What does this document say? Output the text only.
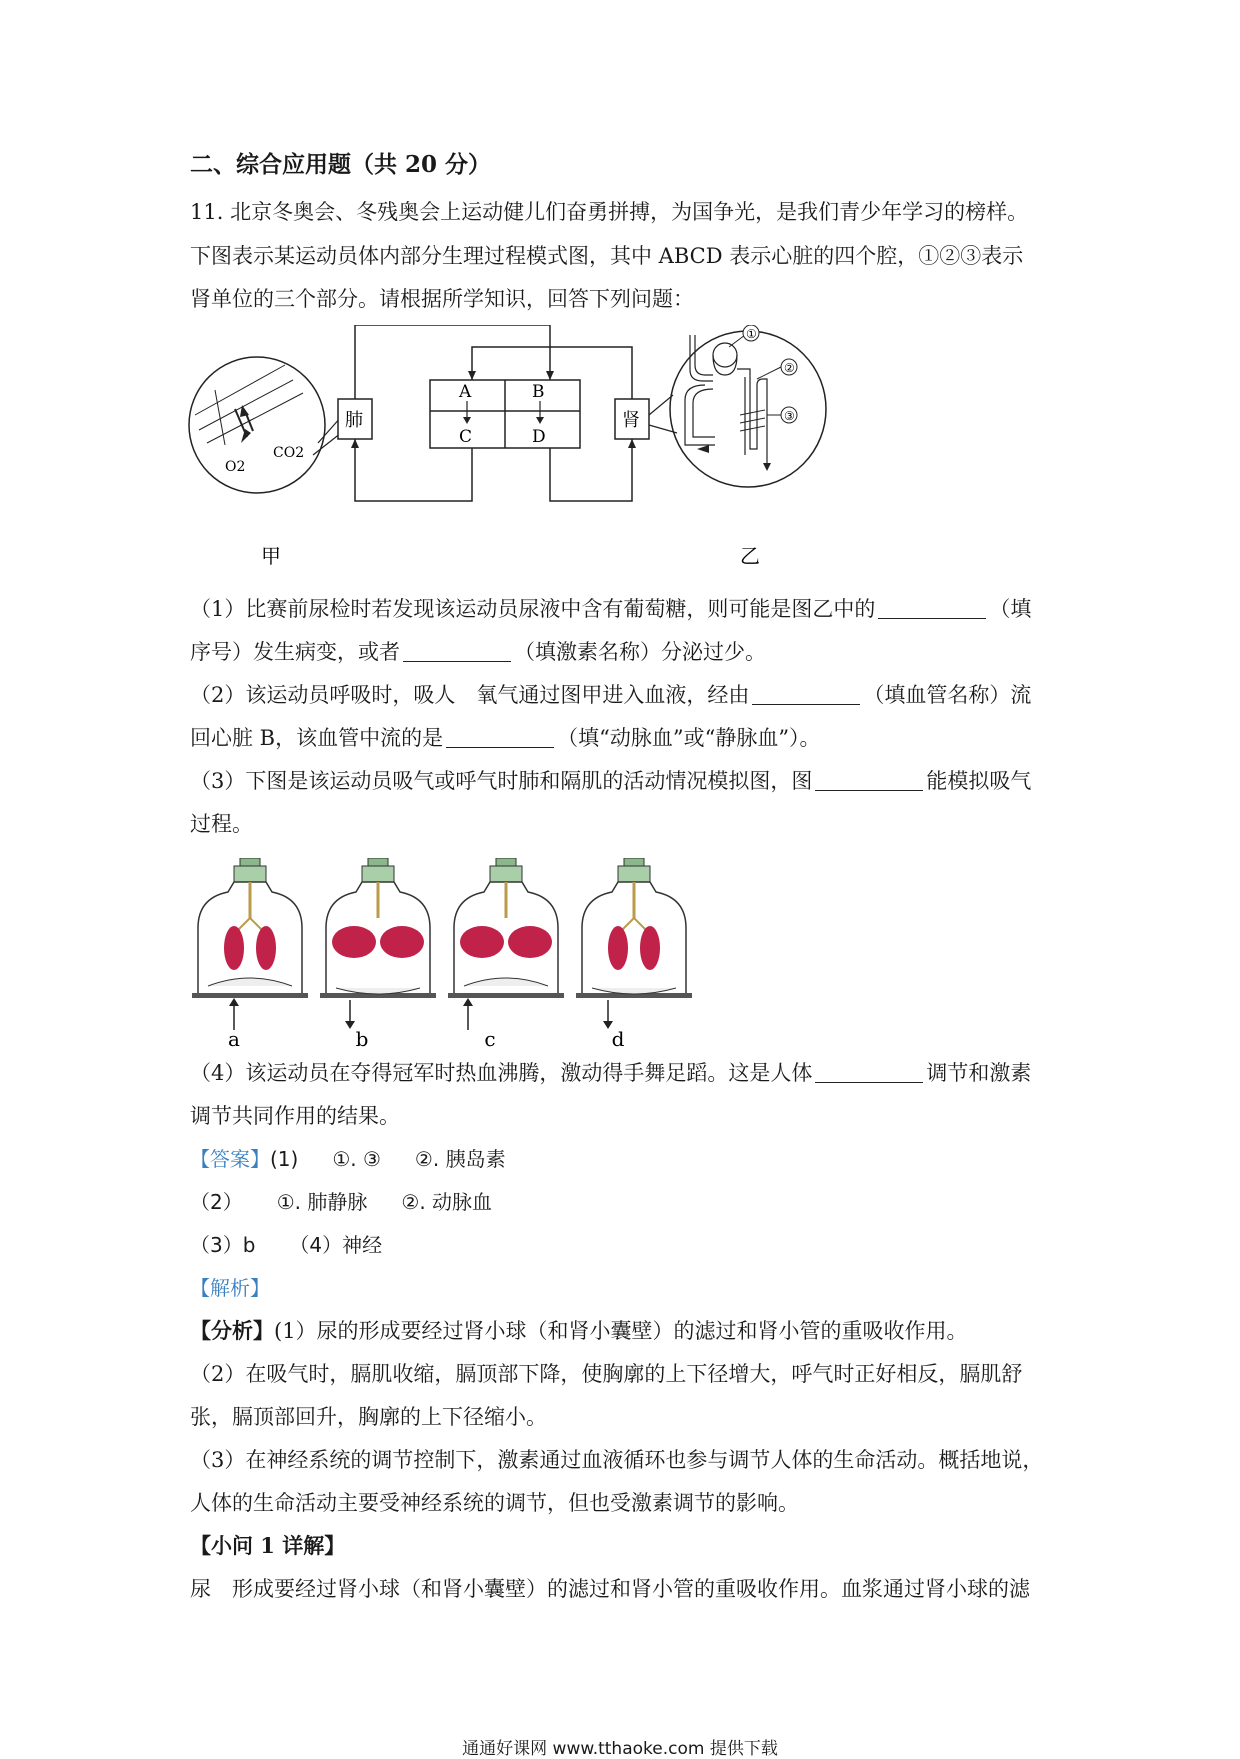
二、综合应用题（共 20 分）
11. 北京冬奥会、冬残奥会上运动健儿们奋勇拼搏，为国争光，是我们青少年学习的榜样。
下图表示某运动员体内部分生理过程模式图，其中 ABCD 表示心脏的四个腔，①②③表示
肾单位的三个部分。请根据所学知识，回答下列问题：
O2
CO2
肺
A	B
C	D
肾
①
②
③
甲	乙
（1）比赛前尿检时若发现该运动员尿液中含有葡萄糖，则可能是图乙中的	（填
序号）发生病变，或者	（填激素名称）分泌过少。
（2）该运动员呼吸时，吸人　氧气通过图甲进入血液，经由	（填血管名称）流
回心脏 B，该血管中流的是	（填“动脉血”或“静脉血”）。
（3）下图是该运动员吸气或呼气时肺和隔肌的活动情况模拟图，图	能模拟吸气
过程。
a	b	c	d
（4）该运动员在夺得冠军时热血沸腾，激动得手舞足蹈。这是人体	调节和激素
调节共同作用的结果。
【答案】(1) ①. ③ ②. 胰岛素
（2） ①. 肺静脉 ②. 动脉血
（3）b （4）神经
【解析】
【分析】(1）尿的形成要经过肾小球（和肾小囊壁）的滤过和肾小管的重吸收作用。
（2）在吸气时，膈肌收缩，膈顶部下降，使胸廓的上下径增大，呼气时正好相反，膈肌舒
张，膈顶部回升，胸廓的上下径缩小。
（3）在神经系统的调节控制下，激素通过血液循环也参与调节人体的生命活动。概括地说，
人体的生命活动主要受神经系统的调节，但也受激素调节的影响。
【小问 1 详解】
尿　形成要经过肾小球（和肾小囊壁）的滤过和肾小管的重吸收作用。血浆通过肾小球的滤
通通好课网 www.tthaoke.com 提供下载
